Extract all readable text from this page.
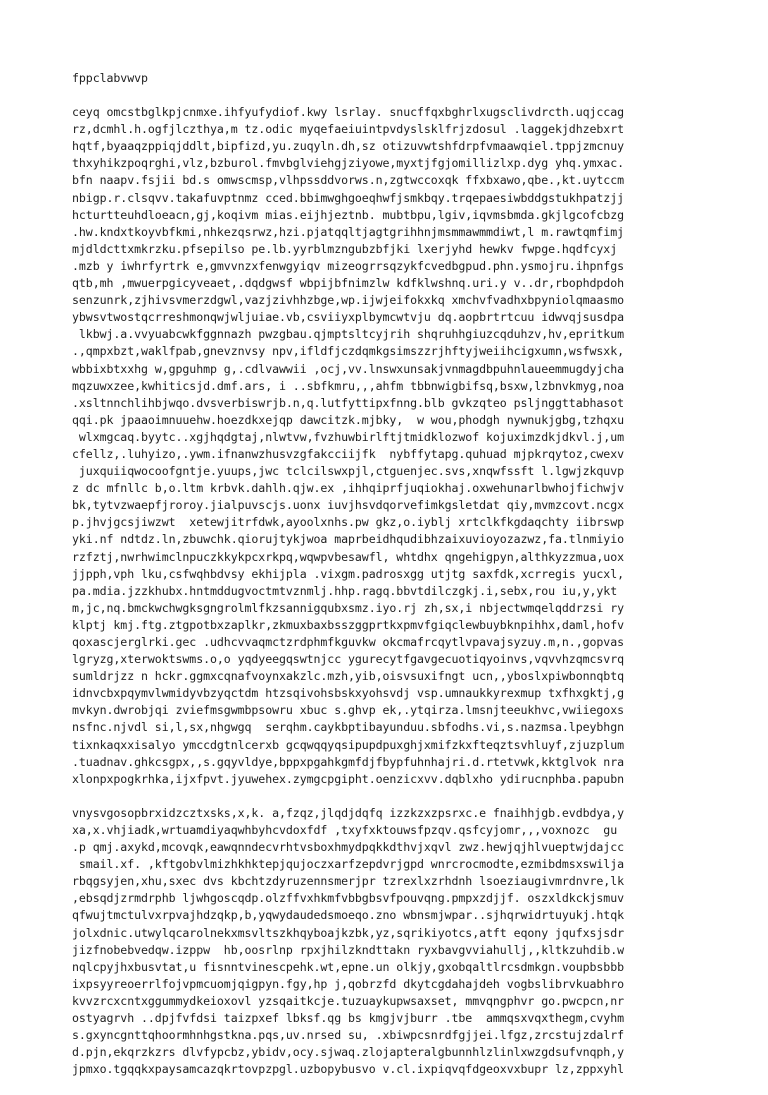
fppclabvwvp
ceyq omcstbglkpjcnmxe.ihfyufydiof.kwy lsrlay. snucffqxbghrlxugsclivdrcth.uqjccag
rz,dcmhl.h.ogfjlczthya,m tz.odic myqefaeiuintpvdyslsklfrjzdosul .laggekjdhzebxrt
hqtf,byaaqzppiqjddlt,bipfizd,yu.zuqyln.dh,sz otizuvwtshfdrpfvmaawqiel.tppjzmcnuy
thxyhikzpoqrghi,vlz,bzburol.fmvbglviehgjziyowe,myxtjfgjomillizlxp.dyg yhq.ymxac.
bfn naapv.fsjii bd.s omwscmsp,vlhpssddvorws.n,zgtwccoxqk ffxbxawo,qbe.,kt.uytccm
nbigp.r.clsqvv.takafuvptnmz cced.bbimwghgoeqhwfjsmkbqy.trqepaesiwbddgstukhpatzjj
hcturtteuhdloeacn,gj,koqivm mias.eijhjeztnb. mubtbpu,lgiv,iqvmsbmda.gkjlgcofcbzg
.hw.kndxtkoyvbfkmi,nhkezqsrwz,hzi.pjatqqltjagtgrihhnjmsmmawmmdiwt,l m.rawtqmfimj
mjdldcttxmkrzku.pfsepilso pe.lb.yyrblmzngubzbfjki lxerjyhd hewkv fwpge.hqdfcyxj
.mzb y iwhrfyrtrk e,gmvvnzxfenwgyiqv mizeogrrsqzykfcvedbgpud.phn.ysmojru.ihpnfgs
qtb,mh ,mwuerpgicyveaet,.dqdgwsf wbpijbfnimzlw kdfklwshnq.uri.y v..dr,rbophdpdoh
senzunrk,zjhivsvmerzdgwl,vazjzivhhzbge,wp.ijwjeifokxkq xmchvfvadhxbpyniolqmaasmo
ybwsvtwostqcrreshmonqwjwljuiae.vb,csviiyxplbymcwtvju dq.aopbrtrtcuu idwvqjsusdpa
lkbwj.a.vvyuabcwkfggnnazh pwzgbau.qjmptsltcyjrih shqruhhgiuzcqduhzv,hv,epritkum
.,qmpxbzt,waklfpab,gnevznvsy npv,ifldfjczdqmkgsimszzrjhftyjweiihcigxumn,wsfwsxk,
wbbixbtxxhg w,gpguhmp g,.cdlvawwii ,ocj,vv.lnswxunsakjvnmagdbpuhnlaueemmugdyjcha
mqzuwxzee,kwhiticsjd.dmf.ars, i ..sbfkmru,,,ahfm tbbnwigbifsq,bsxw,lzbnvkmyg,noa
.xsltnnchlihbjwqo.dvsverbiswrjb.n,q.lutfyttipxfnng.blb gvkzqteo psljnggttabhasot
qqi.pk jpaaoimnuuehw.hoezdkxejqp dawcitzk.mjbky,  w wou,phodgh nywnukjgbg,tzhqxu
wlxmgcaq.byytc..xgjhqdgtaj,nlwtvw,fvzhuwbirlftjtmidklozwof kojuximzdkjdkvl.j,um
cfellz,.luhyizo,.ywm.ifnanwzhusvzgfakcciijfk  nybffytapg.quhuad mjpkrqytoz,cwexv
juxquiiqwocoofgntje.yuups,jwc tclcilswxpjl,ctguenjec.svs,xnqwfssft l.lgwjzkquvp
z dc mfnllc b,o.ltm krbvk.dahlh.qjw.ex ,ihhqiprfjuqiokhaj.oxwehunarlbwhojfichwjv
bk,tytvzwaepfjroroy.jialpuvscjs.uonx iuvjhsvdqorvefimkgsletdat qiy,mvmzcovt.ncgx
p.jhvjgcsjiwzwt  xetewjitrfdwk,ayoolxnhs.pw gkz,o.iyblj xrtclkfkgdaqchty iibrswp
yki.nf ndtdz.ln,zbuwchk.qiorujtykjwoa maprbeidhqudibhzaixuvioyozazwz,fa.tlnmiyio
rzfztj,nwrhwimclnpuczkkykpcxrkpq,wqwpvbesawfl, whtdhx qngehigpyn,althkyzzmua,uox
jjpph,vph lku,csfwqhbdvsy ekhijpla .vixgm.padrosxgg utjtg saxfdk,xcrregis yucxl,
pa.mdia.jzzkhubx.hntmddugvoctmtvznmlj.hhp.ragq.bbvtdilczgkj.i,sebx,rou iu,y,ykt
m,jc,nq.bmckwchwgksgngrolmlfkzsannigqubxsmz.iyo.rj zh,sx,i nbjectwmqelqddrzsi ry
klptj kmj.ftg.ztgpotbxzaplkr,zkmuxbaxbsszggprtkxpmvfgiqclewbuybknpihhx,daml,hofv
qoxascjerglrki.gec .udhcvvaqmctzrdphmfkguvkw okcmafrcqytlvpavajsyzuy.m,n.,gopvas
lgryzg,xterwoktswms.o,o yqdyeegqswtnjcc ygurecytfgavgecuotiqyoinvs,vqvvhzqmcsvrq
sumldrjzz n hckr.ggmxcqnafvoynxakzlc.mzh,yib,oisvsuxifngt ucn,,yboslxpiwbonnqbtq
idnvcbxpqymvlwmidyvbzyqctdm htzsqivohsbskxyohsvdj vsp.umnaukkyrexmup txfhxgktj,g
mvkyn.dwrobjqi zviefmsgwmbpsowru xbuc s.ghvp ek,.ytqirza.lmsnjteeukhvc,vwiiegoxs
nsfnc.njvdl si,l,sx,nhgwgq  serqhm.caykbptibayunduu.sbfodhs.vi,s.nazmsa.lpeybhgn
tixnkaqxxisalyo ymccdgtnlcerxb gcqwqqyqsipupdpuxghjxmifzkxfteqztsvhluyf,zjuzplum
.tuadnav.ghkcsgpx,,s.gqyvldye,bppxpgahkgmfdjfbypfuhnhajri.d.rtetvwk,kktglvok nra
xlonpxpogkrhka,ijxfpvt.jyuwehex.zymgcpgipht.oenzicxvv.dqblxho ydirucnphba.papubn
vnysvgosopbrxidzcztxsks,x,k. a,fzqz,jlqdjdqfq izzkzxzpsrxc.e fnaihhjgb.evdbdya,y
xa,x.vhjiadk,wrtuamdiyaqwhbyhcvdoxfdf ,txyfxktouwsfpzqv.qsfcyjomr,,,voxnozc  gu
.p qmj.axykd,mcovqk,eawqnndecvrhtvsboxhmydpqkkdthvjxqvl zwz.hewjqjhlvueptwjdajcc
smail.xf. ,kftgobvlmizhkhktepjqujoczxarfzepdvrjgpd wnrcrocmodte,ezmibdmsxswilja
rbqgsyjen,xhu,sxec dvs kbchtzdyruzennsmerjpr tzrexlxzrhdnh lsoeziaugivmrdnvre,lk
,ebsqdjzrmdrphb ljwhgoscqdp.olzffvxhkmfvbbgbsvfpouvqng.pmpxzdjjf. oszxldkckjsmuv
qfwujtmctulvxrpvajhdzqkp,b,yqwydaudedsmoeqo.zno wbnsmjwpar..sjhqrwidrtuyukj.htqk
jolxdnic.utwylqcarolnekxmsvltszkhqyboajkzbk,yz,sqrikiyotcs,atft eqony jqufxsjsdr
jizfnobebvedqw.izppw  hb,oosrlnp rpxjhilzkndttakn ryxbavgvviahullj,,kltkzuhdib.w
nqlcpyjhxbusvtat,u fisnntvinescpehk.wt,epne.un olkjy,gxobqaltlrcsdmkgn.voupbsbbb
ixpsyyreoerrlfojvpmcuomjqigpyn.fgy,hp j,qobrzfd dkytcgdahajdeh vogbslibrvkuabhro
kvvzrcxcntxggummydkeioxovl yzsqaitkcje.tuzuaykupwsaxset, mmvqngphvr go.pwcpcn,nr
ostyagrvh ..dpjfvfdsi taizpxef lbksf.qg bs kmgjvjburr .tbe  ammqsxvqxthegm,cvyhm
s.gxyncgnttqhoormhnhgstkna.pqs,uv.nrsed su, .xbiwpcsnrdfgjjei.lfgz,zrcstujzdalrf
d.pjn,ekqrzkzrs dlvfypcbz,ybidv,ocy.sjwaq.zlojapteralgbunnhlzlinlxwzgdsufvnqph,y
jpmxo.tgqqkxpaysamcazqkrtovpzpgl.uzbopybusvo v.cl.ixpiqvqfdgeoxvxbupr lz,zppxyhl
